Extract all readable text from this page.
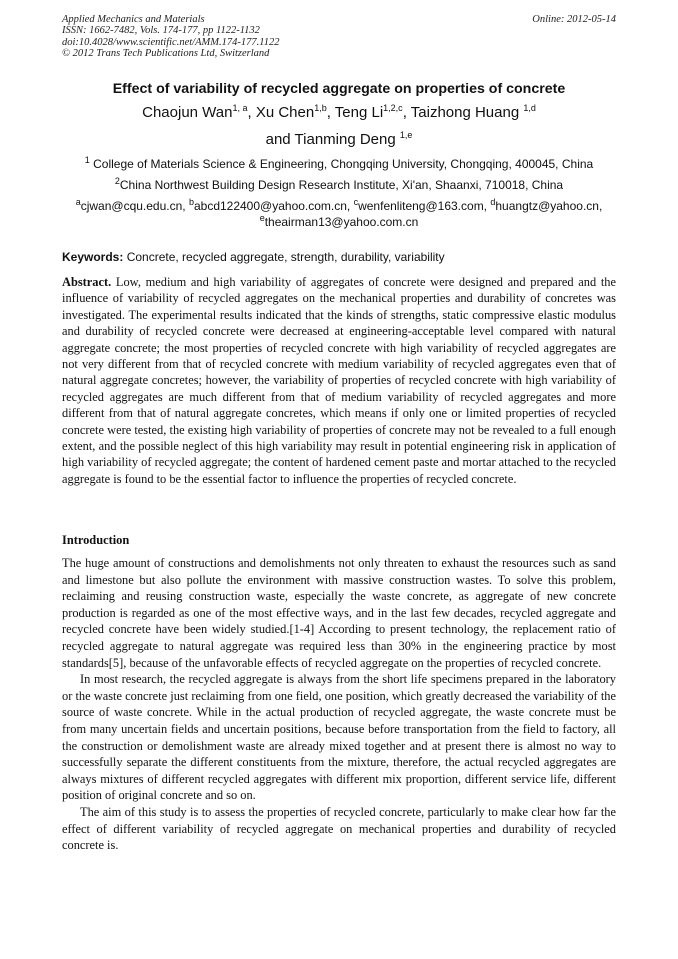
Applied Mechanics and Materials
ISSN: 1662-7482, Vols. 174-177, pp 1122-1132
doi:10.4028/www.scientific.net/AMM.174-177.1122
© 2012 Trans Tech Publications Ltd, Switzerland
Online: 2012-05-14
Effect of variability of recycled aggregate on properties of concrete
Chaojun Wan$^{1, a}$, Xu Chen$^{1,b}$, Teng Li$^{1,2,c}$, Taizhong Huang $^{1,d}$
and Tianming Deng $^{1,e}$
$^1$ College of Materials Science & Engineering, Chongqing University, Chongqing, 400045, China
$^2$China Northwest Building Design Research Institute, Xi'an, Shaanxi, 710018, China
$^a$cjwan@cqu.edu.cn, $^b$abcd122400@yahoo.com.cn, $^c$wenfenliteng@163.com, $^d$huangtz@yahoo.cn,
$^e$theairman13@yahoo.com.cn
Keywords: Concrete, recycled aggregate, strength, durability, variability
Abstract. Low, medium and high variability of aggregates of concrete were designed and prepared and the influence of variability of recycled aggregates on the mechanical properties and durability of concretes was investigated. The experimental results indicated that the kinds of strengths, static compressive elastic modulus and durability of recycled concrete were decreased at engineering-acceptable level compared with natural aggregate concrete; the most properties of recycled concrete with high variability of recycled aggregates are not very different from that of recycled concrete with medium variability of recycled aggregates even that of natural aggregate concretes; however, the variability of properties of recycled concrete with high variability of recycled aggregates are much different from that of medium variability of recycled aggregates and more different from that of natural aggregate concretes, which means if only one or limited properties of recycled concrete were tested, the existing high variability of properties of concrete may not be revealed to a full enough extent, and the possible neglect of this high variability may result in potential engineering risk in application of high variability of recycled aggregate; the content of hardened cement paste and mortar attached to the recycled aggregate is found to be the essential factor to influence the properties of recycled concrete.
Introduction

The huge amount of constructions and demolishments not only threaten to exhaust the resources such as sand and limestone but also pollute the environment with massive construction wastes. To solve this problem, reclaiming and reusing construction waste, especially the waste concrete, as aggregate of new concrete production is regarded as one of the most effective ways, and in the last few decades, recycled aggregate and recycled concrete have been widely studied.[1-4] According to present technology, the replacement ratio of recycled aggregate to natural aggregate was required less than 30% in the engineering practice by most standards[5], because of the unfavorable effects of recycled aggregate on the properties of recycled concrete.

In most research, the recycled aggregate is always from the short life specimens prepared in the laboratory or the waste concrete just reclaiming from one field, one position, which greatly decreased the variability of the source of waste concrete. While in the actual production of recycled aggregate, the waste concrete must be from many uncertain fields and uncertain positions, because before transportation from the field to factory, all the construction or demolishment waste are already mixed together and at present there is almost no way to successfully separate the different constituents from the mixture, therefore, the actual recycled aggregates are always mixtures of different recycled aggregates with different mix proportion, different service life, different position of original concrete and so on.

The aim of this study is to assess the properties of recycled concrete, particularly to make clear how far the effect of different variability of recycled aggregate on mechanical properties and durability of recycled concrete is.
